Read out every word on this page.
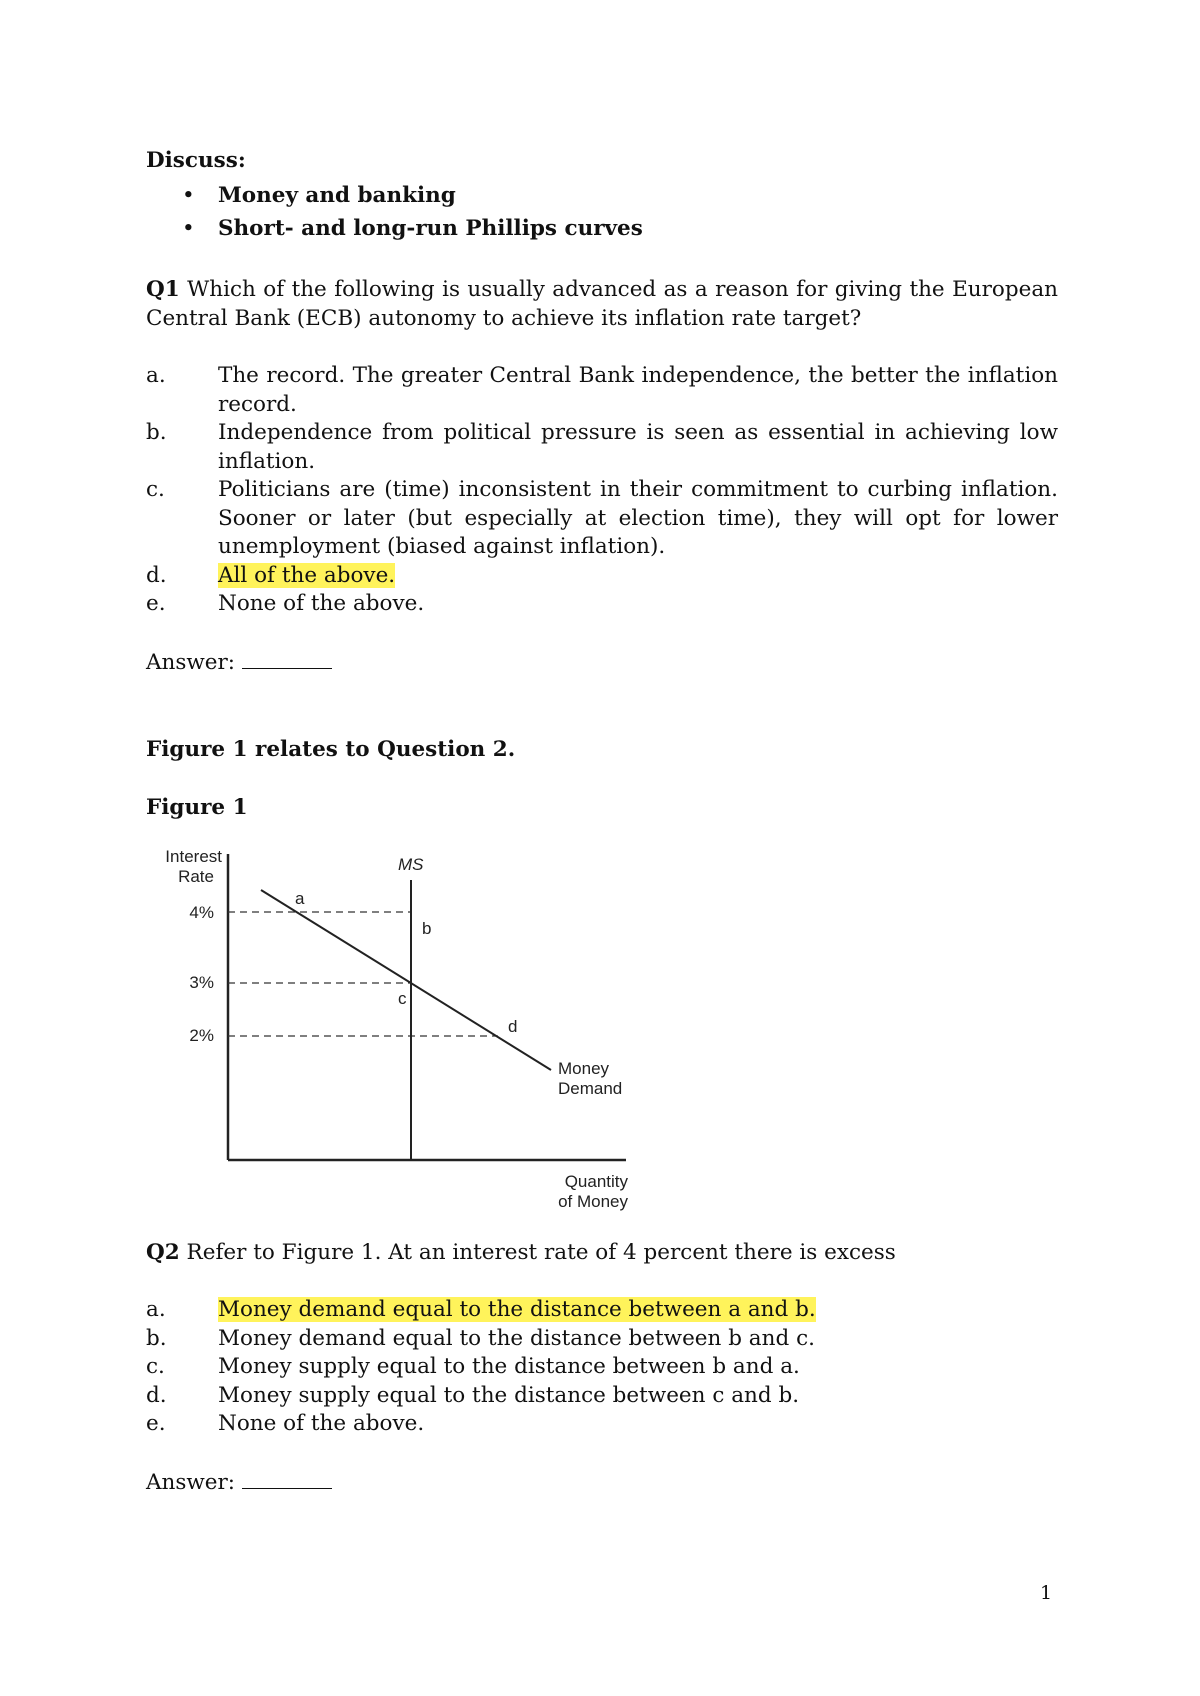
Discuss:
• Money and banking
• Short- and long-run Phillips curves
Q1 Which of the following is usually advanced as a reason for giving the European Central Bank (ECB) autonomy to achieve its inflation rate target?
a. The record. The greater Central Bank independence, the better the inflation record.
b. Independence from political pressure is seen as essential in achieving low inflation.
c. Politicians are (time) inconsistent in their commitment to curbing inflation. Sooner or later (but especially at election time), they will opt for lower unemployment (biased against inflation).
d. All of the above.
e. None of the above.
Answer:
Figure 1 relates to Question 2.
Figure 1
Interest
Rate
4%
3%
2%
MS
Money
Demand
a
b
c
d
Quantity
of Money
Q2 Refer to Figure 1. At an interest rate of 4 percent there is excess
a. Money demand equal to the distance between a and b.
b. Money demand equal to the distance between b and c.
c. Money supply equal to the distance between b and a.
d. Money supply equal to the distance between c and b.
e. None of the above.
Answer:
1
